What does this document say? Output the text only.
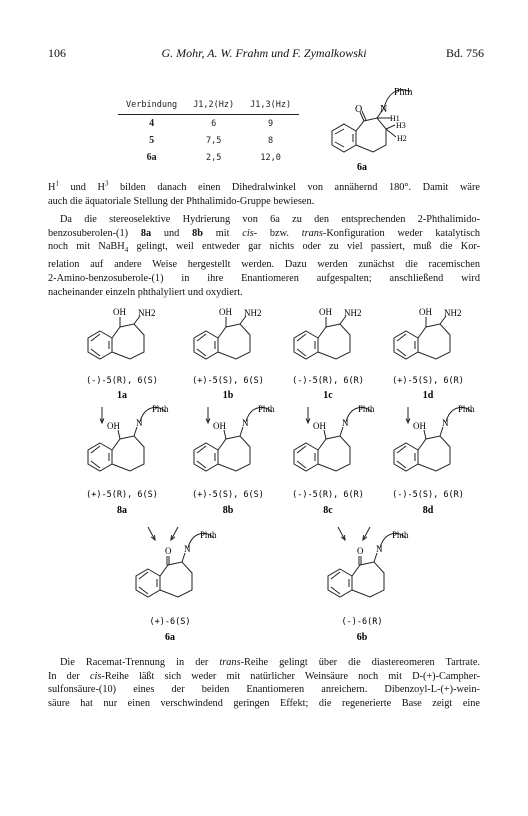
106	G. Mohr, A. W. Frahm und F. Zymalkowski	Bd. 756
Verbindung	J1,2(Hz)	J1,3(Hz)
4	6	9
5	7,5	8
6a	2,5	12,0
O N
Phth
H1
H3
H2
6a
$H^1$ und $H^3$ bilden danach einen Dihedralwinkel von annähernd 180°. Damit wäre
auch die äquatoriale Stellung der Phthalimido-Gruppe bewiesen.
Da die stereoselektive Hydrierung von 6a zu den entsprechenden 2-Phthalimido-
benzosuberolen-(1) 8a und 8b mit cis- bzw. trans-Konfiguration weder katalytisch
noch mit NaBH$_4$ gelingt, weil entweder gar nichts oder zu viel passiert, muß die Kor-
relation auf andere Weise hergestellt werden. Dazu werden zunächst die racemischen
2-Amino-benzosuberole-(1) in ihre Enantiomeren aufgespalten; anschließend wird
nacheinander einzeln phthalyliert und oxydiert.
OH NH2	OH NH2	OH NH2	OH NH2
(-)-5(R), 6(S)
1a
(+)-5(S), 6(S)
1b
(-)-5(R), 6(R)
1c
(+)-5(S), 6(R)
1d
OH N
Phth
OH N
Phth
OH N
Phth
OH N
Phth
(+)-5(R), 6(S)
8a
(+)-5(S), 6(S)
8b
(-)-5(R), 6(R)
8c
(-)-5(S), 6(R)
8d
O N
Phth
O N
Phth
(+)-6(S)
6a
(-)-6(R)
6b
Die Racemat-Trennung in der trans-Reihe gelingt über die diastereomeren Tartrate.
In der cis-Reihe läßt sich weder mit natürlicher Weinsäure noch mit D-(+)-Campher-
sulfonsäure-(10) eines der beiden Enantiomeren anreichern. Dibenzoyl-L-(+)-wein-
säure hat nur einen verschwindend geringen Effekt; die regenerierte Base zeigt eine
